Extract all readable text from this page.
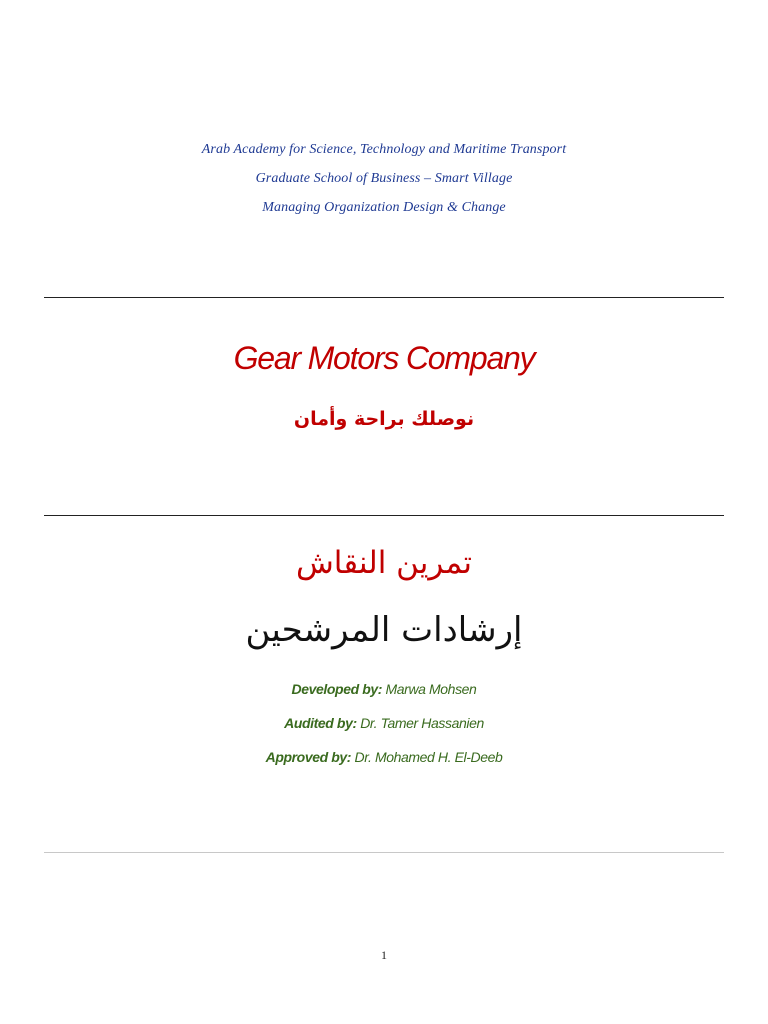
Arab Academy for Science, Technology and Maritime Transport
Graduate School of Business – Smart Village
Managing Organization Design & Change
Gear Motors Company
نوصلك براحة وأمان
تمرين النقاش
إرشادات المرشحين
Developed by: Marwa Mohsen
Audited by: Dr. Tamer Hassanien
Approved by: Dr. Mohamed H. El-Deeb
1
